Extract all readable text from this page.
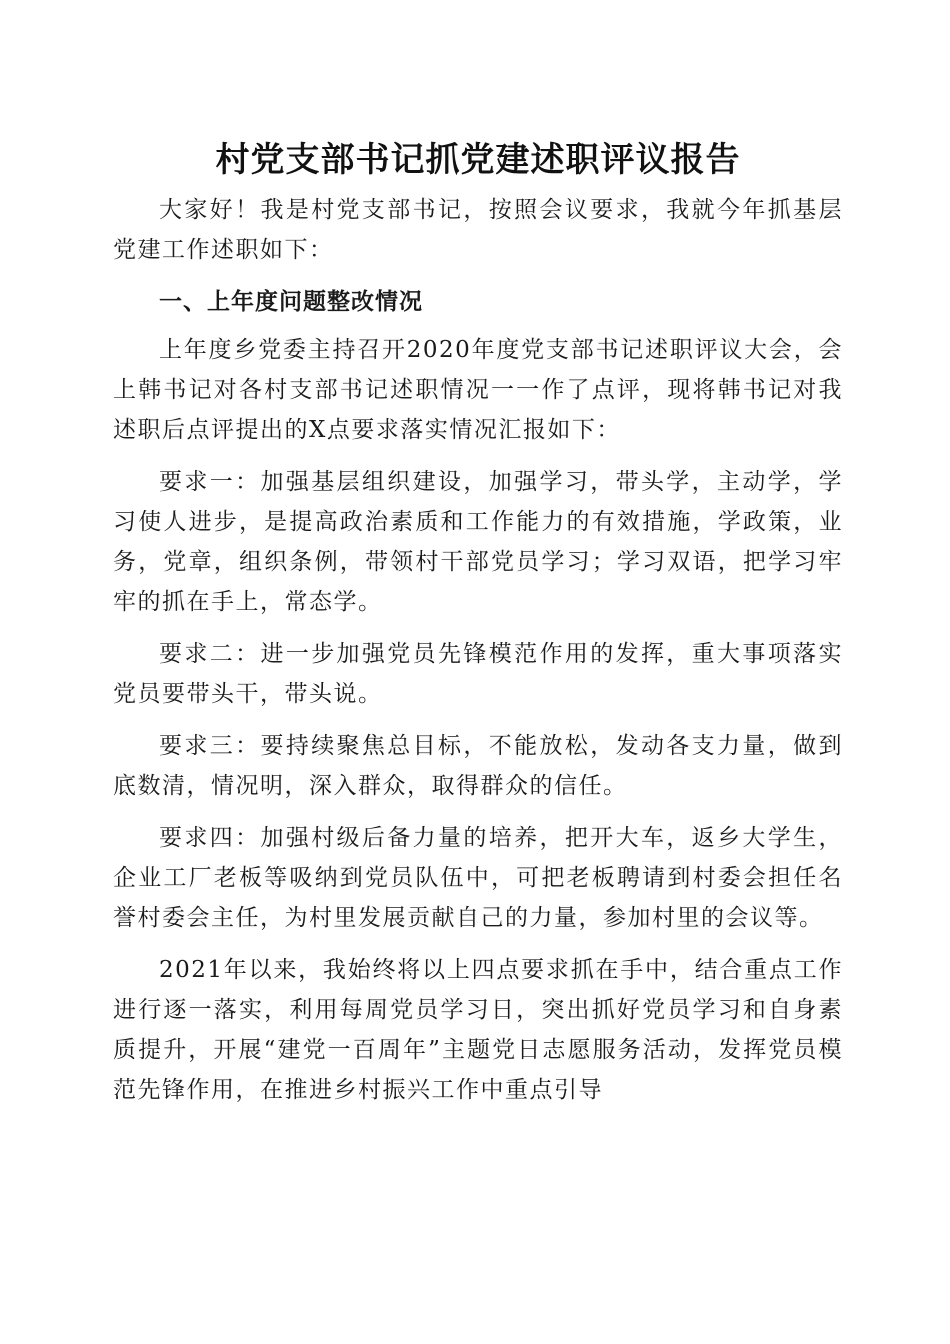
村党支部书记抓党建述职评议报告

大家好！我是村党支部书记，按照会议要求，我就今年抓基层党建工作述职如下：

一、上年度问题整改情况

上年度乡党委主持召开2020年度党支部书记述职评议大会，会上韩书记对各村支部书记述职情况一一作了点评，现将韩书记对我述职后点评提出的X点要求落实情况汇报如下：

要求一：加强基层组织建设，加强学习，带头学，主动学，学习使人进步，是提高政治素质和工作能力的有效措施，学政策，业务，党章，组织条例，带领村干部党员学习；学习双语，把学习牢牢的抓在手上，常态学。

要求二：进一步加强党员先锋模范作用的发挥，重大事项落实党员要带头干，带头说。

要求三：要持续聚焦总目标，不能放松，发动各支力量，做到底数清，情况明，深入群众，取得群众的信任。

要求四：加强村级后备力量的培养，把开大车，返乡大学生，企业工厂老板等吸纳到党员队伍中，可把老板聘请到村委会担任名誉村委会主任，为村里发展贡献自己的力量，参加村里的会议等。

2021年以来，我始终将以上四点要求抓在手中，结合重点工作进行逐一落实，利用每周党员学习日，突出抓好党员学习和自身素质提升，开展“建党一百周年”主题党日志愿服务活动，发挥党员模范先锋作用，在推进乡村振兴工作中重点引导
